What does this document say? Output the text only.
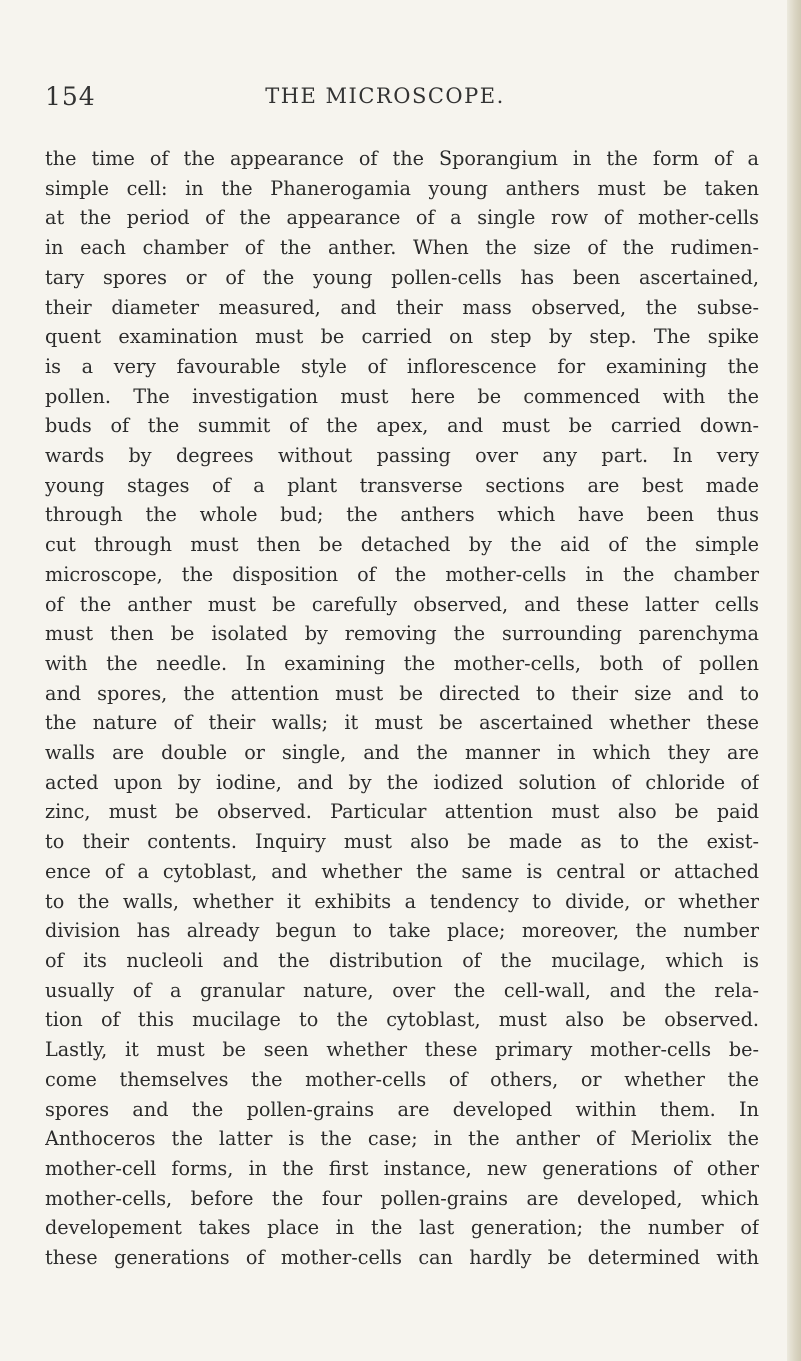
154	THE MICROSCOPE.
the time of the appearance of the Sporangium in the form of a
simple cell: in the Phanerogamia young anthers must be taken
at the period of the appearance of a single row of mother-cells
in each chamber of the anther. When the size of the rudimen-
tary spores or of the young pollen-cells has been ascertained,
their diameter measured, and their mass observed, the subse-
quent examination must be carried on step by step. The spike
is a very favourable style of inflorescence for examining the
pollen. The investigation must here be commenced with the
buds of the summit of the apex, and must be carried down-
wards by degrees without passing over any part. In very
young stages of a plant transverse sections are best made
through the whole bud; the anthers which have been thus
cut through must then be detached by the aid of the simple
microscope, the disposition of the mother-cells in the chamber
of the anther must be carefully observed, and these latter cells
must then be isolated by removing the surrounding parenchyma
with the needle. In examining the mother-cells, both of pollen
and spores, the attention must be directed to their size and to
the nature of their walls; it must be ascertained whether these
walls are double or single, and the manner in which they are
acted upon by iodine, and by the iodized solution of chloride of
zinc, must be observed. Particular attention must also be paid
to their contents. Inquiry must also be made as to the exist-
ence of a cytoblast, and whether the same is central or attached
to the walls, whether it exhibits a tendency to divide, or whether
division has already begun to take place; moreover, the number
of its nucleoli and the distribution of the mucilage, which is
usually of a granular nature, over the cell-wall, and the rela-
tion of this mucilage to the cytoblast, must also be observed.
Lastly, it must be seen whether these primary mother-cells be-
come themselves the mother-cells of others, or whether the
spores and the pollen-grains are developed within them. In
Anthoceros the latter is the case; in the anther of Meriolix the
mother-cell forms, in the first instance, new generations of other
mother-cells, before the four pollen-grains are developed, which
developement takes place in the last generation; the number of
these generations of mother-cells can hardly be determined with
